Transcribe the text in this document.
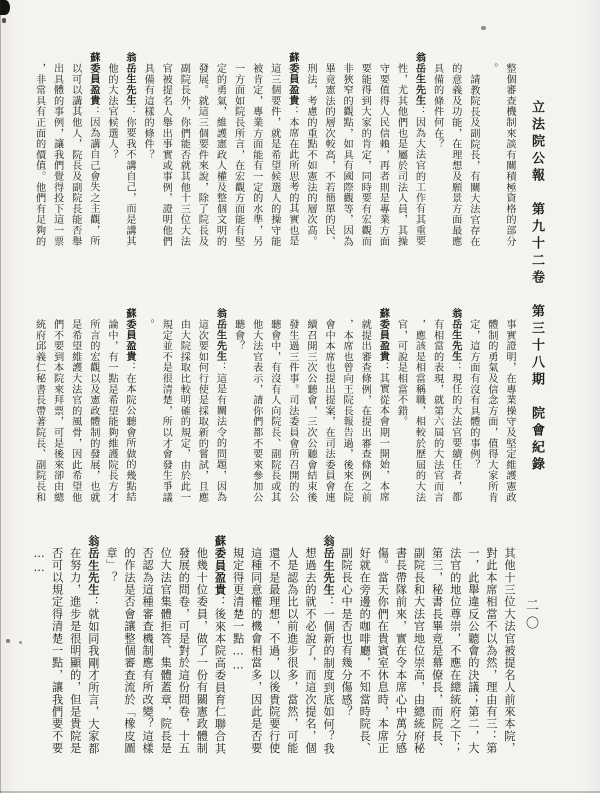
立法院公報　第九十二卷　第三十八期　院會紀錄
二〇
整個審查機制來談有關積極資格的部分
。
請教院長及副院長，有關大法官存在
的意義及功能，在理想及願景方面最應
具備的條件何在？
翁岳生先生：因為大法官的工作有其重要
性，尤其他們也是屬於司法人員，其操
守要值得人民信賴，再者則是專業方面
要能得到大家的肯定，同時要有宏觀而
非狹窄的觀點，如具有國際觀等，因為
畢竟憲法的層次較高，不若簡單的民、
刑法，考慮的重點不如憲法的層次高。
蘇委員盈貴：本席在此所思考的其實也是
這三個要件，就是希望候選人的操守能
被肯定，專業方面能有一定的水準，另
一方面如院長所言，在宏觀方面能有堅
定的勇氣，維護憲政人權及整個文明的
發展。就這三個要件來說，除了院長及
副院長外，你們能否就其他十三位大法
官被提名人舉出事實或事例，證明他們
具備有這樣的條件？
翁岳生先生：你要我不講自己，而是講其
他的大法官候選人？
蘇委員盈貴：因為講自己會失之主觀，所
以可以講其他人，院長及副院長能否舉
出具體的事例，讓我們覺得投下這一票
，非常具有正面的價值。他們有足夠的
事實證明，在專業操守及堅定維護憲政
體制的勇氣及信念方面，值得大家所肯
定，這方面有沒有具體的事例？
翁岳生先生：現任的大法官要續任者，都
有相當的表現，就第六屆的大法官而言
，應該是相當稱職，相較於歷屆的大法
官，可說是相當不錯。
蘇委員盈貴：其實從本會期一開始，本席
就提出審查條例，在提出審查條例之前
，本席也曾向王院長報告過，後來在院
會中本席也提出提案，在司法委員會連
續召開三次公聽會，三次公聽會結束後
發生過三件事。司法委員會所召開的公
聽會中，有沒有人向院長、副院長或其
他大法官表示，請你們都不要來參加公
聽會？
翁岳生先生：這是有關法令的問題，因為
這次要如何行使是採取新的嘗試，且應
由大院採取比較明確的規定，由於此一
規定並不是很清楚，所以才會發生爭議
。
蘇委員盈貴：在本院公聽會所做的幾點結
論中，有一點是希望能夠維護院長方才
所言的宏觀以及憲政體制的發展，也就
是希望維護大法官的風骨，因此希望他
們不要到本院來拜票，可是後來卻由總
統府邱義仁秘書長帶著院長、副院長和
其他十三位大法官被提名人前來本院，
對此本席相當不以為然，理由有三：第
一，此舉違反公聽會的決議；第二，大
法官的地位尊崇，不應在總統府之下；
第三，秘書長畢竟是幕僚長，而院長、
副院長和大法官地位崇高，由總統府秘
書長帶隊前來，實在令本席心中萬分感
傷。當天你們在貴賓室休息時，本席正
好就在旁邊的咖啡廳，不知當時院長、
副院長心中是否也有幾分傷感？
翁岳生先生：一個新的制度到底如何？我
想過去的就不必說了，而這次提名，個
人是認為比以前進步很多，當然，可能
還不是最理想，不過，以後貴院要行使
這種同意權的機會相當多，因此是否要
規定得更清楚一點……
蘇委員盈貴：後來本院高委員育仁聯合其
他幾十位委員，做了一份有關憲政體制
發展的問卷，可是對於這份問卷，十五
位大法官集體拒答、集體蓋章，院長是
否認為這種審查機制應有所改變？這樣
的作法是否會讓整個審查流於「橡皮圖
章」？
翁岳生先生：就如同我剛才所言，大家都
在努力，進步是很明顯的，但是貴院是
否可以規定得清楚一點，讓我們要不要
……
